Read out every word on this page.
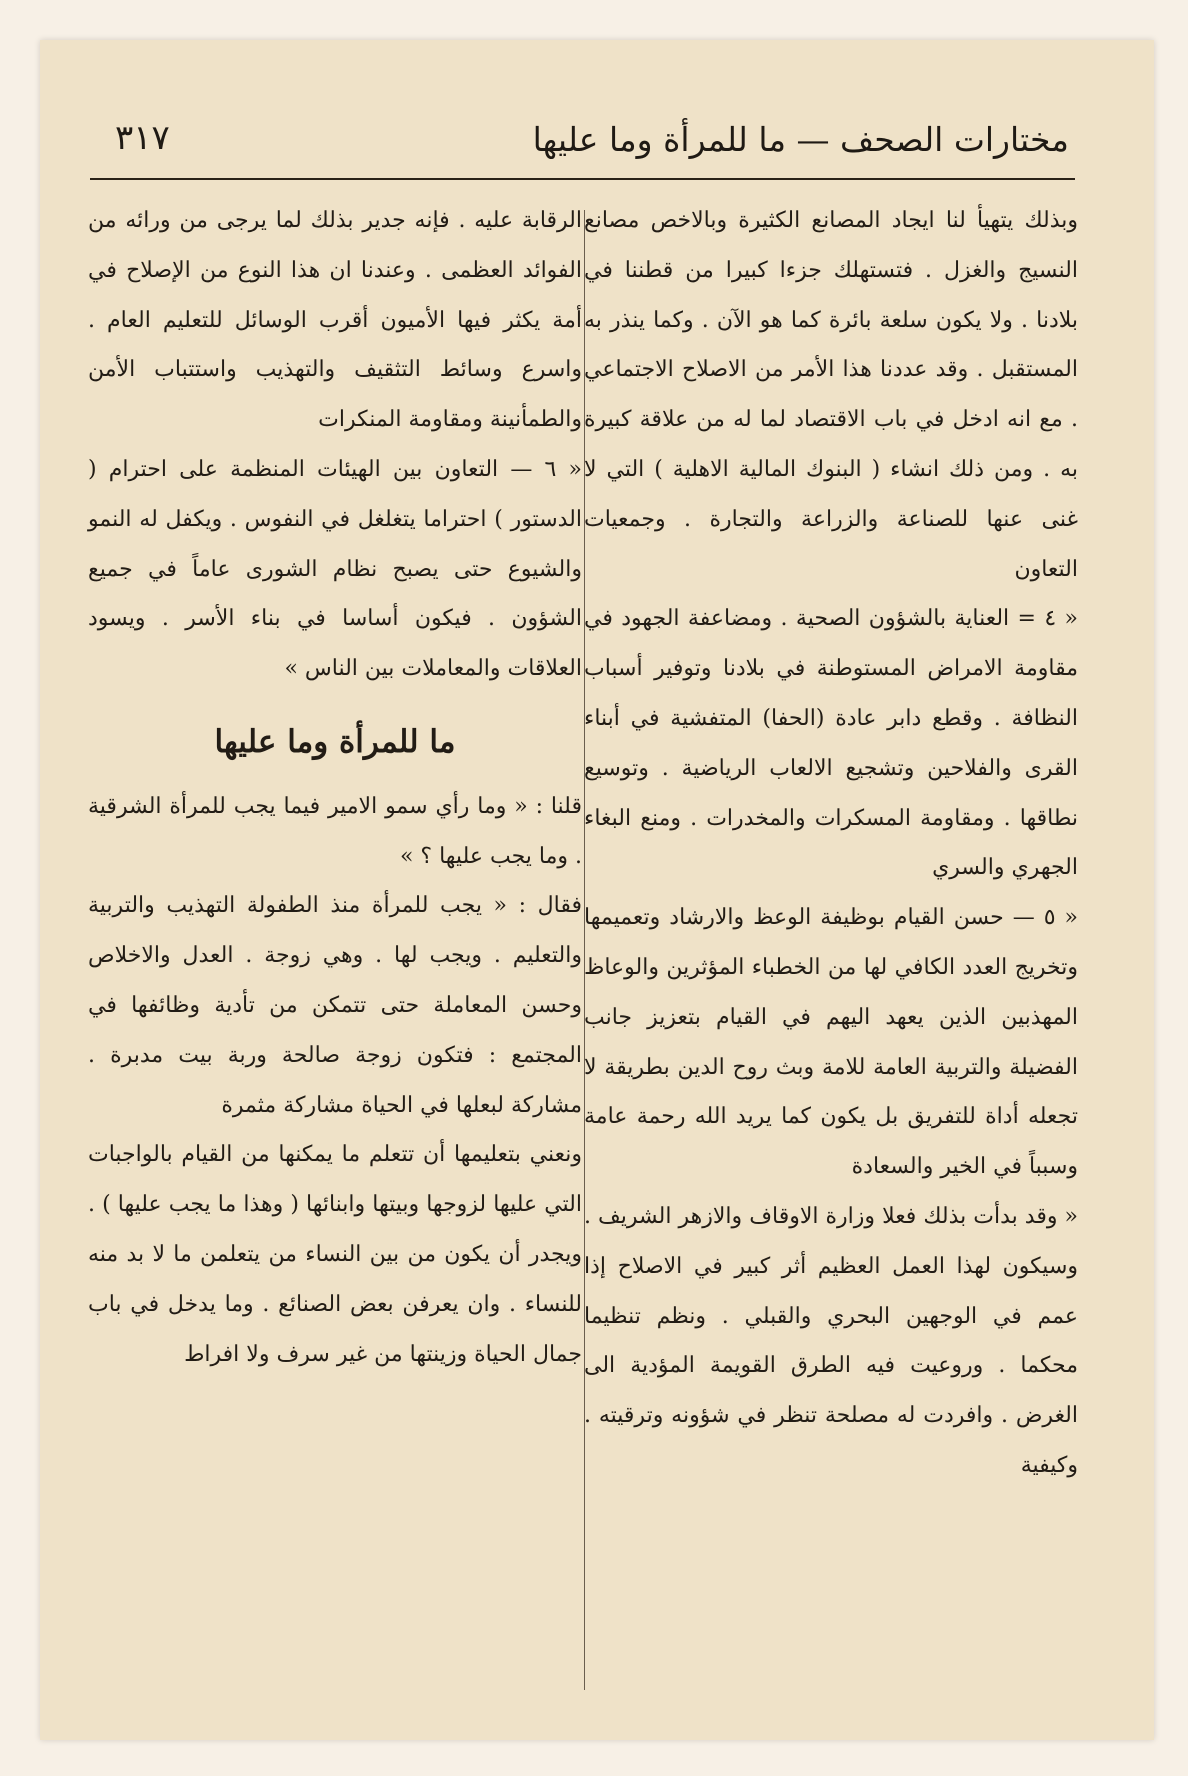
مختارات الصحف — ما للمرأة وما عليها
٣١٧

وبذلك يتهيأ لنا ايجاد المصانع الكثيرة وبالاخص مصانع النسيج والغزل . فتستهلك جزءا كبيرا من قطننا في بلادنا . ولا يكون سلعة بائرة كما هو الآن . وكما ينذر به المستقبل . وقد عددنا هذا الأمر من الاصلاح الاجتماعي . مع انه ادخل في باب الاقتصاد لما له من علاقة كبيرة به . ومن ذلك انشاء ( البنوك المالية الاهلية ) التي لا غنى عنها للصناعة والزراعة والتجارة . وجمعيات التعاون

« ٤ = العناية بالشؤون الصحية . ومضاعفة الجهود في مقاومة الامراض المستوطنة في بلادنا وتوفير أسباب النظافة . وقطع دابر عادة (الحفا) المتفشية في أبناء القرى والفلاحين وتشجيع الالعاب الرياضية . وتوسيع نطاقها . ومقاومة المسكرات والمخدرات . ومنع البغاء الجهري والسري

« ٥ — حسن القيام بوظيفة الوعظ والارشاد وتعميمها وتخريج العدد الكافي لها من الخطباء المؤثرين والوعاظ المهذبين الذين يعهد اليهم في القيام بتعزيز جانب الفضيلة والتربية العامة للامة وبث روح الدين بطريقة لا تجعله أداة للتفريق بل يكون كما يريد الله رحمة عامة وسبباً في الخير والسعادة

« وقد بدأت بذلك فعلا وزارة الاوقاف والازهر الشريف . وسيكون لهذا العمل العظيم أثر كبير في الاصلاح إذا عمم في الوجهين البحري والقبلي . ونظم تنظيما محكما . وروعيت فيه الطرق القويمة المؤدية الى الغرض . وافردت له مصلحة تنظر في شؤونه وترقيته . وكيفية

الرقابة عليه . فإنه جدير بذلك لما يرجى من ورائه من الفوائد العظمى . وعندنا ان هذا النوع من الإصلاح في أمة يكثر فيها الأميون أقرب الوسائل للتعليم العام . واسرع وسائط التثقيف والتهذيب واستتباب الأمن والطمأنينة ومقاومة المنكرات

« ٦ — التعاون بين الهيئات المنظمة على احترام ( الدستور ) احتراما يتغلغل في النفوس . ويكفل له النمو والشيوع حتى يصبح نظام الشورى عاماً في جميع الشؤون . فيكون أساسا في بناء الأسر . ويسود العلاقات والمعاملات بين الناس »

ما للمرأة وما عليها

قلنا : « وما رأي سمو الامير فيما يجب للمرأة الشرقية . وما يجب عليها ؟ »

فقال : « يجب للمرأة منذ الطفولة التهذيب والتربية والتعليم . ويجب لها . وهي زوجة . العدل والاخلاص وحسن المعاملة حتى تتمكن من تأدية وظائفها في المجتمع : فتكون زوجة صالحة وربة بيت مدبرة . مشاركة لبعلها في الحياة مشاركة مثمرة

ونعني بتعليمها أن تتعلم ما يمكنها من القيام بالواجبات التي عليها لزوجها وبيتها وابنائها ( وهذا ما يجب عليها ) . ويجدر أن يكون من بين النساء من يتعلمن ما لا بد منه للنساء . وان يعرفن بعض الصنائع . وما يدخل في باب جمال الحياة وزينتها من غير سرف ولا افراط
